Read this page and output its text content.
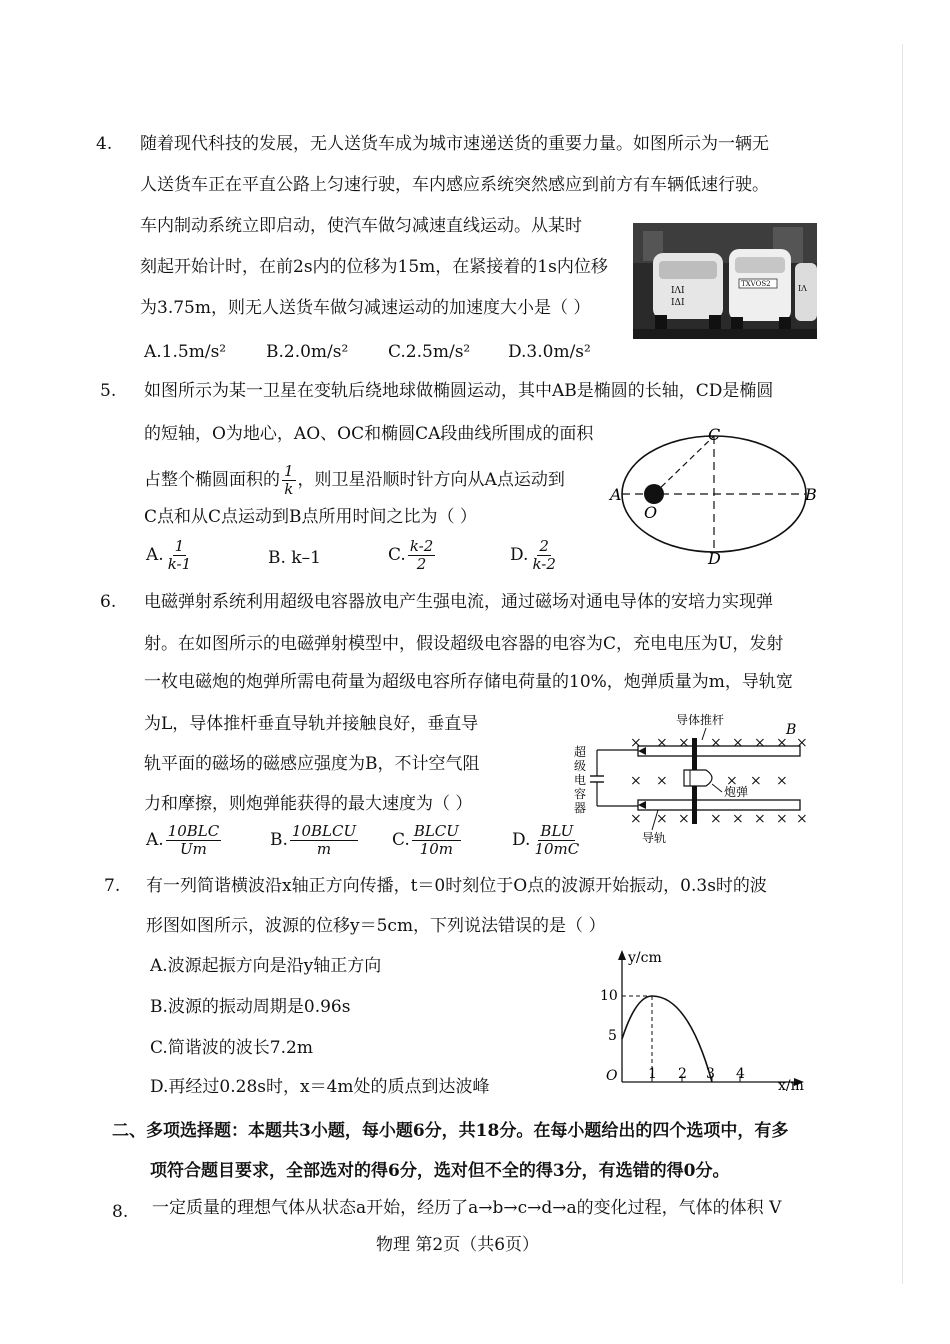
4. 随着现代科技的发展，无人送货车成为城市速递送货的重要力量。如图所示为一辆无
人送货车正在平直公路上匀速行驶，车内感应系统突然感应到前方有车辆低速行驶。
车内制动系统立即启动，使汽车做匀减速直线运动。从某时
刻起开始计时，在前2s内的位移为15m，在紧接着的1s内位移
为3.75m，则无人送货车做匀减速运动的加速度大小是（ ）
A.1.5m/s² B.2.0m/s² C.2.5m/s² D.3.0m/s²
ΙΛΙ
ΙΔΙ
TXVOS2	ΙΛ
5. 如图所示为某一卫星在变轨后绕地球做椭圆运动，其中AB是椭圆的长轴，CD是椭圆
的短轴，O为地心，AO、OC和椭圆CA段曲线所围成的面积
占整个椭圆面积的 $\frac{1}{k}$ ，则卫星沿顺时针方向从A点运动到
C点和从C点运动到B点所用时间之比为（ ）
A. $\frac{1}{k-1}$	B. k–1	C. $\frac{k-2}{2}$	D. $\frac{2}{k-2}$
A	B
C
D
O
6. 电磁弹射系统利用超级电容器放电产生强电流，通过磁场对通电导体的安培力实现弹
射。在如图所示的电磁弹射模型中，假设超级电容器的电容为C，充电电压为U，发射
一枚电磁炮的炮弹所需电荷量为超级电容所存储电荷量的10%，炮弹质量为m，导轨宽
为L，导体推杆垂直导轨并接触良好，垂直导
轨平面的磁场的磁感应强度为B，不计空气阻
力和摩擦，则炮弹能获得的最大速度为（ ）
A. $\frac{\text{10BLC}}{Um}$	B. $\frac{\text{10BLCU}}{m} C$. $\frac{\text{BLCU}}{10m}$	D. $\frac{\text{BLU}}{10mC}$
导体推杆
B
× × × × × × × ×
× ×	× × ×
× × × × × × × ×
超
级
电
容
器
炮弹
导轨
7. 有一列简谐横波沿x轴正方向传播，t＝0时刻位于O点的波源开始振动，0.3s时的波
形图如图所示，波源的位移y＝5cm，下列说法错误的是（ ）
A.波源起振方向是沿y轴正方向
B.波源的振动周期是0.96s
C.简谐波的波长7.2m
D.再经过0.28s时，x＝4m处的质点到达波峰
y/cm
x/m
O
10
5
1 2 3 4
二、多项选择题：本题共3小题，每小题6分，共18分。在每小题给出的四个选项中，有多
项符合题目要求，全部选对的得6分，选对但不全的得3分，有选错的得0分。
8. 一定质量的理想气体从状态a开始，经历了a→b→c→d→a的变化过程，气体的体积 V
物理 第2页（共6页）
